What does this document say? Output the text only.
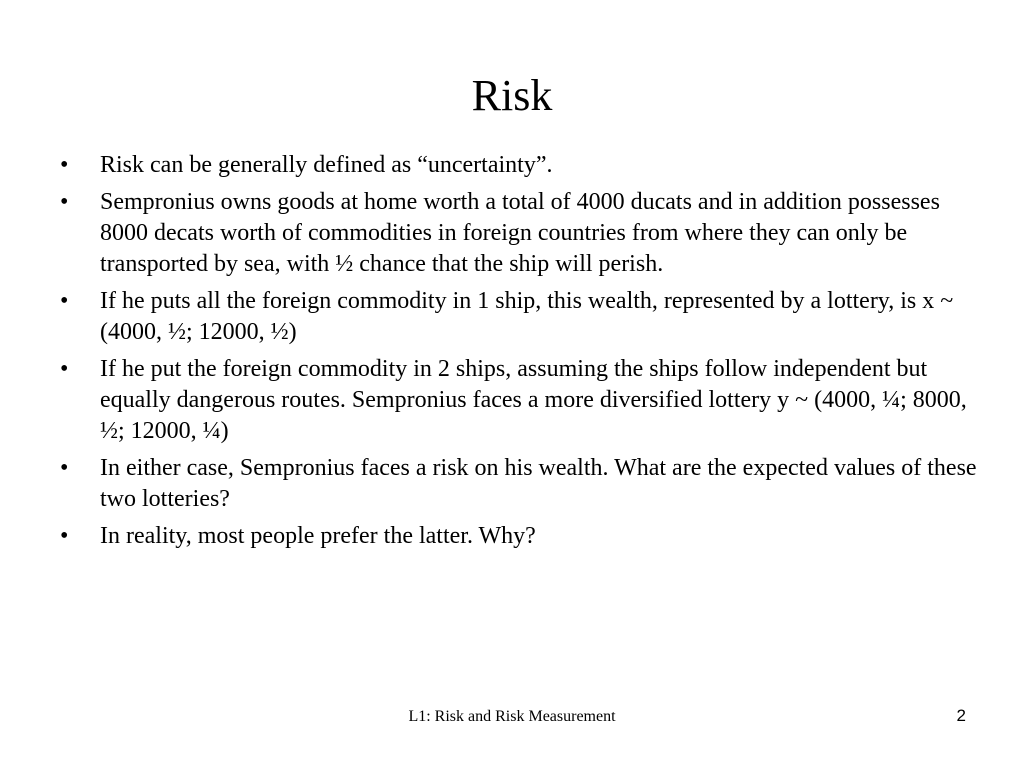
Risk
•	Risk can be generally defined as “uncertainty”.
•	Sempronius owns goods at home worth a total of 4000 ducats and in addition possesses 8000 decats worth of commodities in foreign countries from where they can only be transported by sea, with ½ chance that the ship will perish.
•	If he puts all the foreign commodity in 1 ship, this wealth, represented by a lottery, is x ~ (4000, ½; 12000, ½)
•	If he put the foreign commodity in 2 ships, assuming the ships follow independent but equally dangerous routes. Sempronius faces a more diversified lottery y ~ (4000, ¼; 8000, ½; 12000, ¼)
•	In either case, Sempronius faces a risk on his wealth. What are the expected values of these two lotteries?
•	In reality, most people prefer the latter. Why?
L1: Risk and Risk Measurement	2
